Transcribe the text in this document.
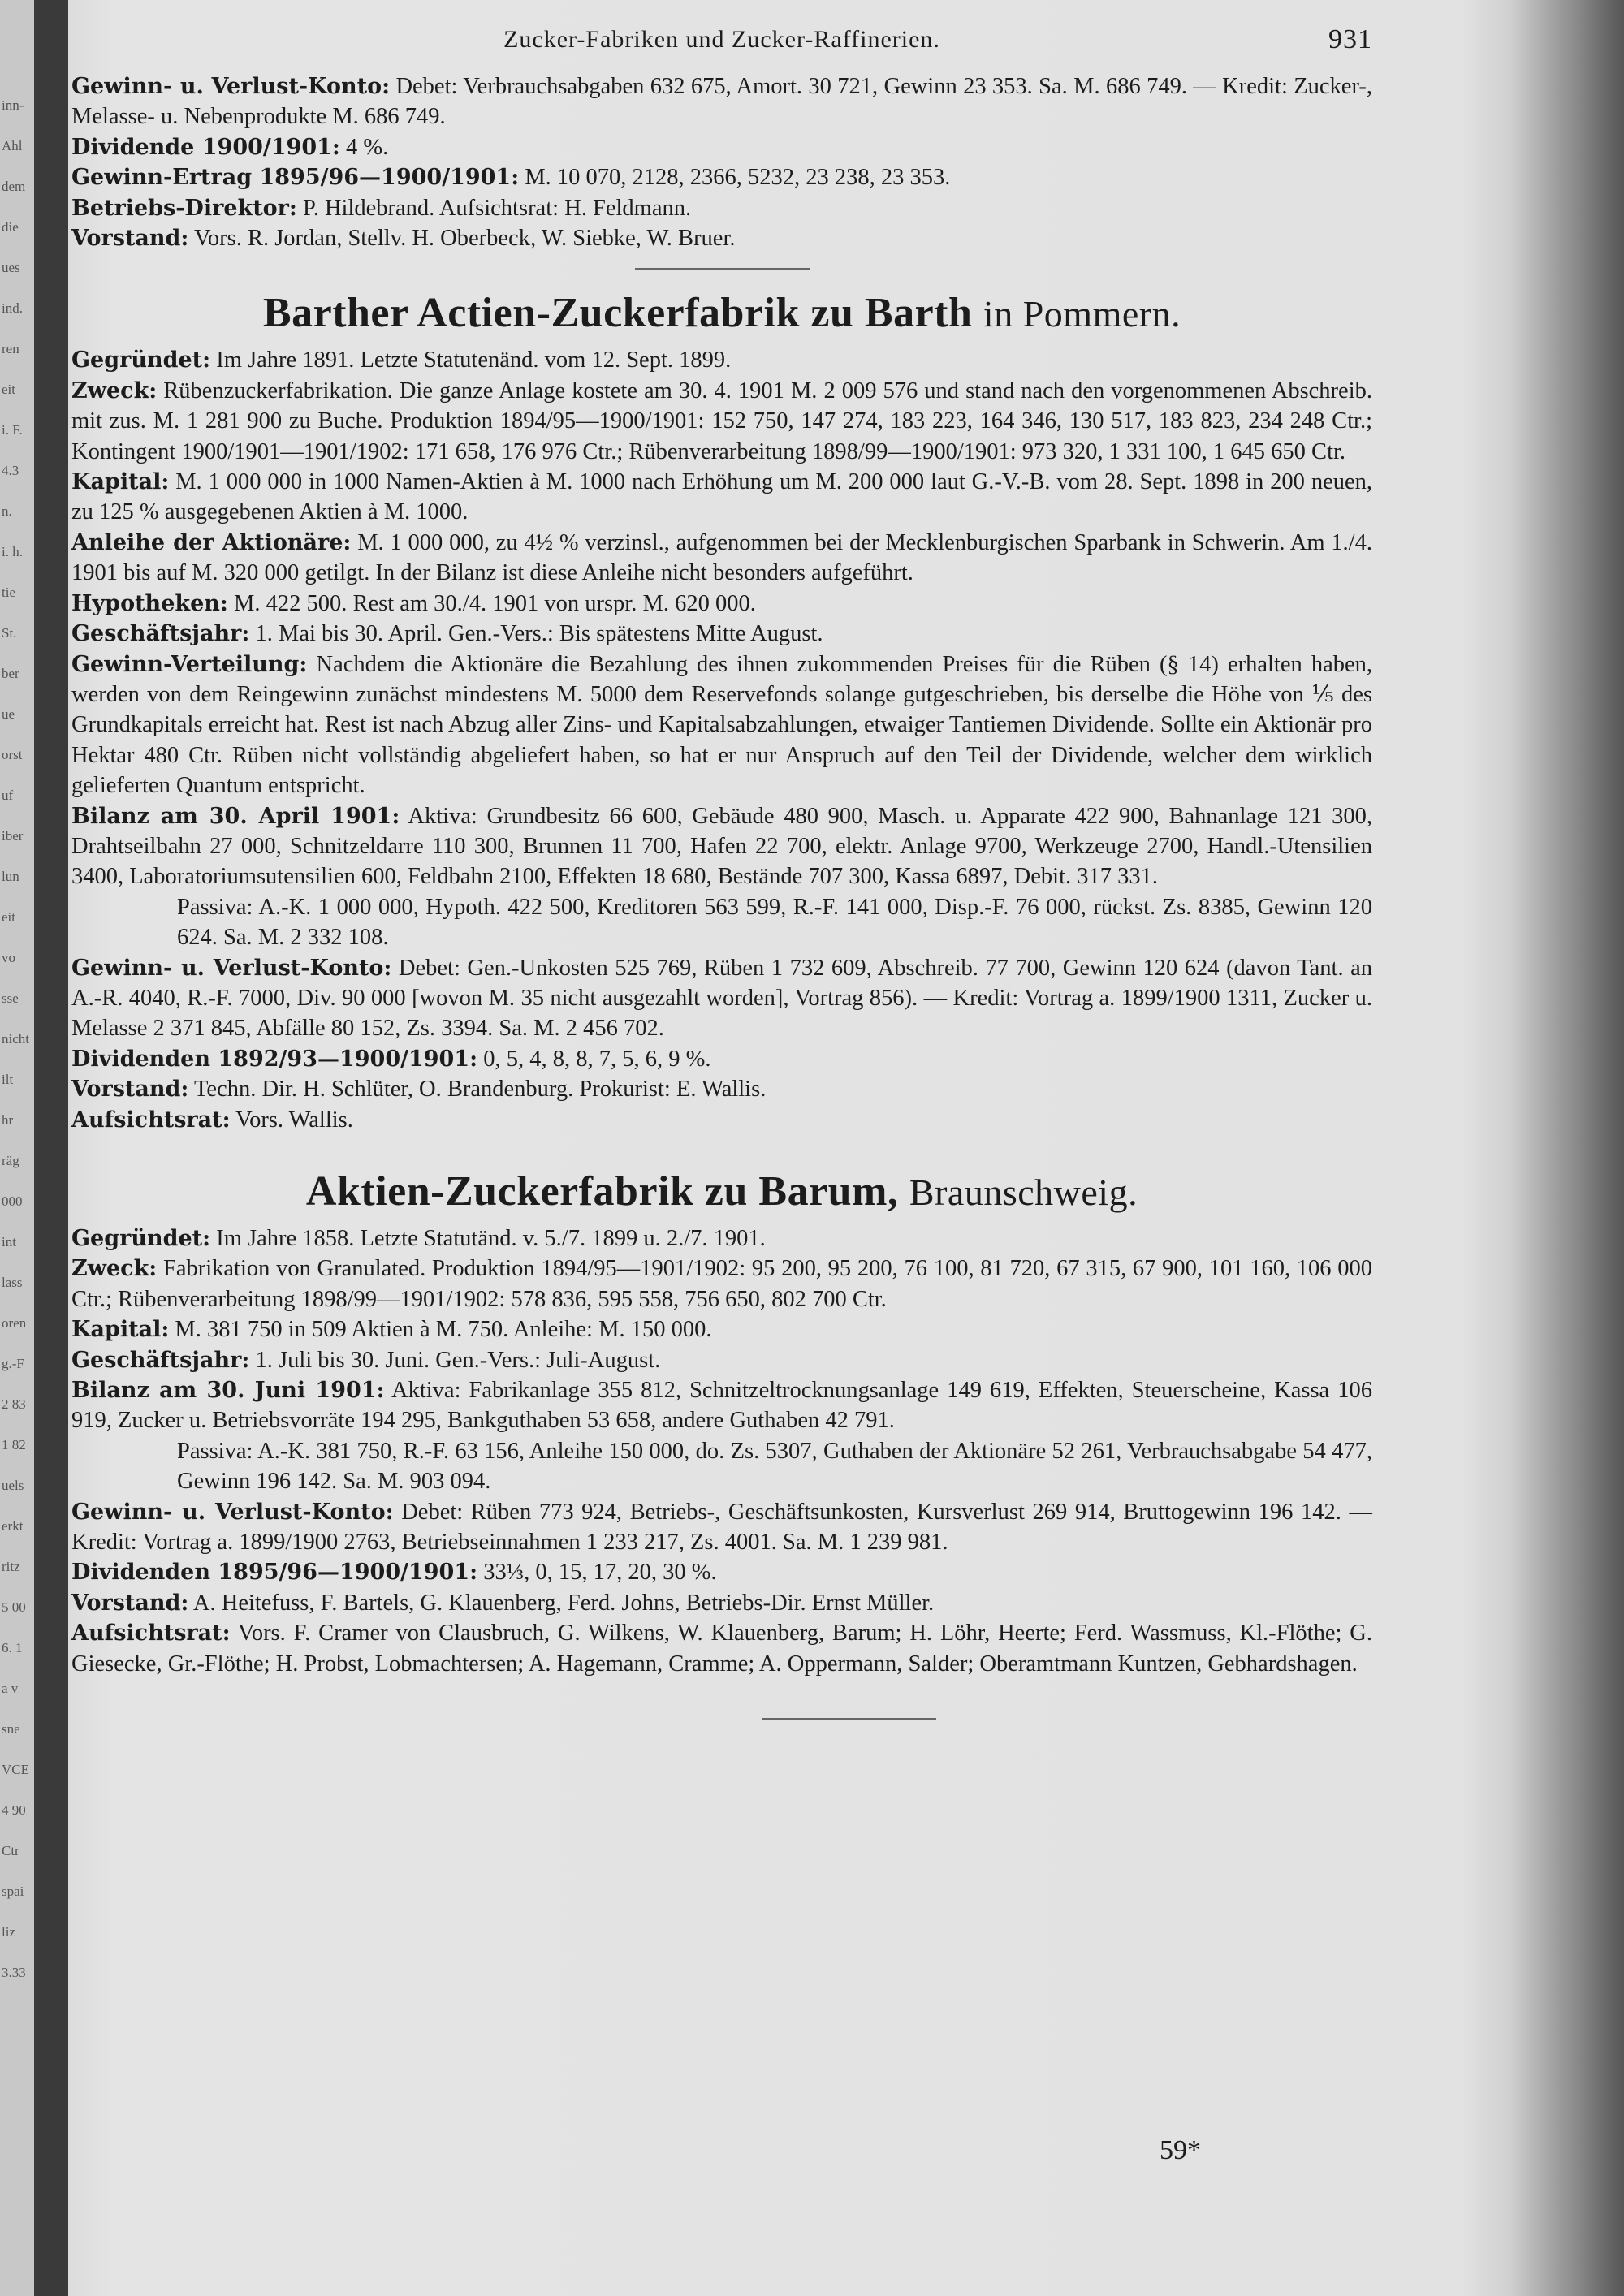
inn-
Ahl
dem
die
ues
ind.
ren
eit
i. F.
4.3
n.
i. h.
tie
St.
ber
ue
orst
uf
iber
lun
eit
vo
sse
nicht
ilt
hr
räg
000
int
lass
oren
g.-F
2 83
1 82
uels
erkt
ritz
5 00
6. 1
a v
sne
VCE
4 90
Ctr
spai
liz
3.33
Zucker-Fabriken und Zucker-Raffinerien.	931

Gewinn- u. Verlust-Konto: Debet: Verbrauchsabgaben 632 675, Amort. 30 721, Gewinn 23 353. Sa. M. 686 749. — Kredit: Zucker-, Melasse- u. Nebenprodukte M. 686 749.

Dividende 1900/1901: 4 %.

Gewinn-Ertrag 1895/96—1900/1901: M. 10 070, 2128, 2366, 5232, 23 238, 23 353.

Betriebs-Direktor: P. Hildebrand. Aufsichtsrat: H. Feldmann.

Vorstand: Vors. R. Jordan, Stellv. H. Oberbeck, W. Siebke, W. Bruer.

Barther Actien-Zuckerfabrik zu Barth in Pommern.

Gegründet: Im Jahre 1891. Letzte Statutenänd. vom 12. Sept. 1899.

Zweck: Rübenzuckerfabrikation. Die ganze Anlage kostete am 30. 4. 1901 M. 2 009 576 und stand nach den vorgenommenen Abschreib. mit zus. M. 1 281 900 zu Buche. Produktion 1894/95—1900/1901: 152 750, 147 274, 183 223, 164 346, 130 517, 183 823, 234 248 Ctr.; Kontingent 1900/1901—1901/1902: 171 658, 176 976 Ctr.; Rübenverarbeitung 1898/99—1900/1901: 973 320, 1 331 100, 1 645 650 Ctr.

Kapital: M. 1 000 000 in 1000 Namen-Aktien à M. 1000 nach Erhöhung um M. 200 000 laut G.-V.-B. vom 28. Sept. 1898 in 200 neuen, zu 125 % ausgegebenen Aktien à M. 1000.

Anleihe der Aktionäre: M. 1 000 000, zu 4½ % verzinsl., aufgenommen bei der Mecklenburgischen Sparbank in Schwerin. Am 1./4. 1901 bis auf M. 320 000 getilgt. In der Bilanz ist diese Anleihe nicht besonders aufgeführt.

Hypotheken: M. 422 500. Rest am 30./4. 1901 von urspr. M. 620 000.

Geschäftsjahr: 1. Mai bis 30. April. Gen.-Vers.: Bis spätestens Mitte August.

Gewinn-Verteilung: Nachdem die Aktionäre die Bezahlung des ihnen zukommenden Preises für die Rüben (§ 14) erhalten haben, werden von dem Reingewinn zunächst mindestens M. 5000 dem Reservefonds solange gutgeschrieben, bis derselbe die Höhe von ⅕ des Grundkapitals erreicht hat. Rest ist nach Abzug aller Zins- und Kapitalsabzahlungen, etwaiger Tantiemen Dividende. Sollte ein Aktionär pro Hektar 480 Ctr. Rüben nicht vollständig abgeliefert haben, so hat er nur Anspruch auf den Teil der Dividende, welcher dem wirklich gelieferten Quantum entspricht.

Bilanz am 30. April 1901: Aktiva: Grundbesitz 66 600, Gebäude 480 900, Masch. u. Apparate 422 900, Bahnanlage 121 300, Drahtseilbahn 27 000, Schnitzeldarre 110 300, Brunnen 11 700, Hafen 22 700, elektr. Anlage 9700, Werkzeuge 2700, Handl.-Utensilien 3400, Laboratoriumsutensilien 600, Feldbahn 2100, Effekten 18 680, Bestände 707 300, Kassa 6897, Debit. 317 331.

Passiva: A.-K. 1 000 000, Hypoth. 422 500, Kreditoren 563 599, R.-F. 141 000, Disp.-F. 76 000, rückst. Zs. 8385, Gewinn 120 624. Sa. M. 2 332 108.

Gewinn- u. Verlust-Konto: Debet: Gen.-Unkosten 525 769, Rüben 1 732 609, Abschreib. 77 700, Gewinn 120 624 (davon Tant. an A.-R. 4040, R.-F. 7000, Div. 90 000 [wovon M. 35 nicht ausgezahlt worden], Vortrag 856). — Kredit: Vortrag a. 1899/1900 1311, Zucker u. Melasse 2 371 845, Abfälle 80 152, Zs. 3394. Sa. M. 2 456 702.

Dividenden 1892/93—1900/1901: 0, 5, 4, 8, 8, 7, 5, 6, 9 %.

Vorstand: Techn. Dir. H. Schlüter, O. Brandenburg. Prokurist: E. Wallis.

Aufsichtsrat: Vors. Wallis.

Aktien-Zuckerfabrik zu Barum, Braunschweig.

Gegründet: Im Jahre 1858. Letzte Statutänd. v. 5./7. 1899 u. 2./7. 1901.

Zweck: Fabrikation von Granulated. Produktion 1894/95—1901/1902: 95 200, 95 200, 76 100, 81 720, 67 315, 67 900, 101 160, 106 000 Ctr.; Rübenverarbeitung 1898/99—1901/1902: 578 836, 595 558, 756 650, 802 700 Ctr.

Kapital: M. 381 750 in 509 Aktien à M. 750. Anleihe: M. 150 000.

Geschäftsjahr: 1. Juli bis 30. Juni. Gen.-Vers.: Juli-August.

Bilanz am 30. Juni 1901: Aktiva: Fabrikanlage 355 812, Schnitzeltrocknungsanlage 149 619, Effekten, Steuerscheine, Kassa 106 919, Zucker u. Betriebsvorräte 194 295, Bankguthaben 53 658, andere Guthaben 42 791.

Passiva: A.-K. 381 750, R.-F. 63 156, Anleihe 150 000, do. Zs. 5307, Guthaben der Aktionäre 52 261, Verbrauchsabgabe 54 477, Gewinn 196 142. Sa. M. 903 094.

Gewinn- u. Verlust-Konto: Debet: Rüben 773 924, Betriebs-, Geschäftsunkosten, Kursverlust 269 914, Bruttogewinn 196 142. — Kredit: Vortrag a. 1899/1900 2763, Betriebseinnahmen 1 233 217, Zs. 4001. Sa. M. 1 239 981.

Dividenden 1895/96—1900/1901: 33⅓, 0, 15, 17, 20, 30 %.

Vorstand: A. Heitefuss, F. Bartels, G. Klauenberg, Ferd. Johns, Betriebs-Dir. Ernst Müller.

Aufsichtsrat: Vors. F. Cramer von Clausbruch, G. Wilkens, W. Klauenberg, Barum; H. Löhr, Heerte; Ferd. Wassmuss, Kl.-Flöthe; G. Giesecke, Gr.-Flöthe; H. Probst, Lobmachtersen; A. Hagemann, Cramme; A. Oppermann, Salder; Oberamtmann Kuntzen, Gebhardshagen.

59*
